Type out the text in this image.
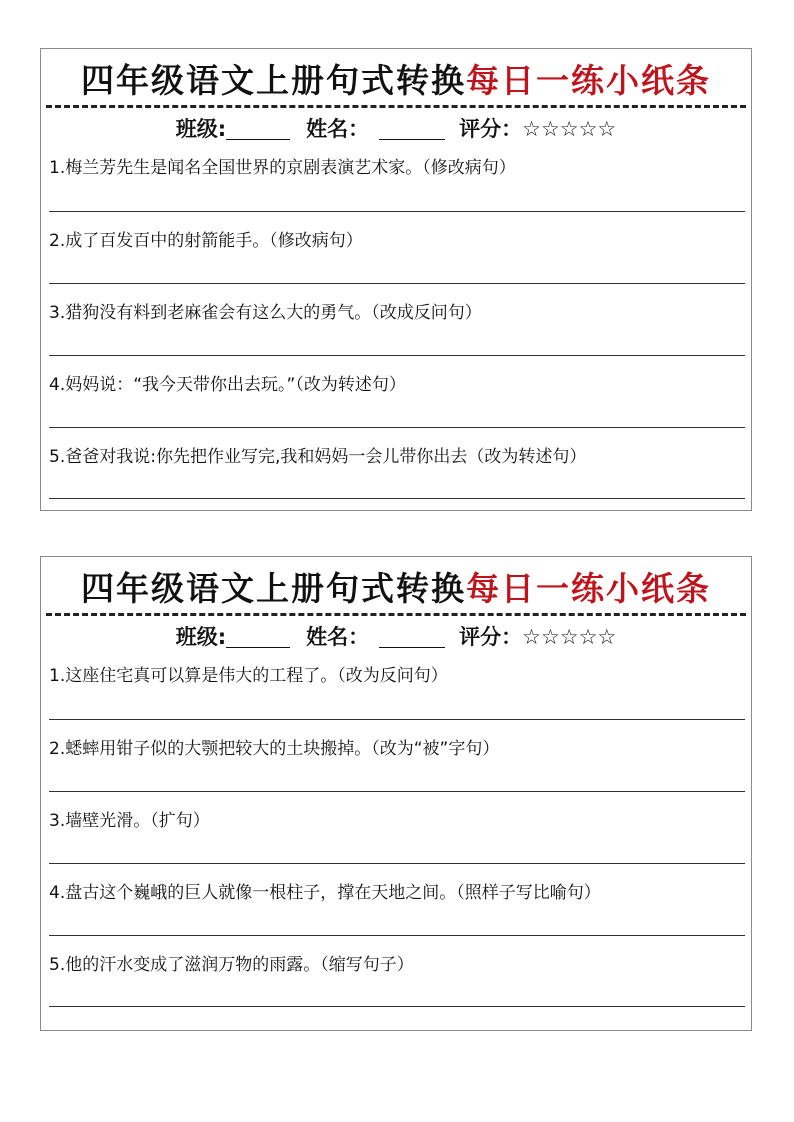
四年级语文上册句式转换每日一练小纸条
班级:	姓名：	评分：☆☆☆☆☆
1.梅兰芳先生是闻名全国世界的京剧表演艺术家。（修改病句）
2.成了百发百中的射箭能手。（修改病句）
3.猎狗没有料到老麻雀会有这么大的勇气。（改成反问句）
4.妈妈说：“我今天带你出去玩。”（改为转述句）
5.爸爸对我说:你先把作业写完,我和妈妈一会儿带你出去（改为转述句）
四年级语文上册句式转换每日一练小纸条
班级:	姓名：	评分：☆☆☆☆☆
1.这座住宅真可以算是伟大的工程了。（改为反问句）
2.蟋蟀用钳子似的大颚把较大的土块搬掉。（改为“被”字句）
3.墙壁光滑。（扩句）
4.盘古这个巍峨的巨人就像一根柱子，撑在天地之间。（照样子写比喻句）
5.他的汗水变成了滋润万物的雨露。（缩写句子）
